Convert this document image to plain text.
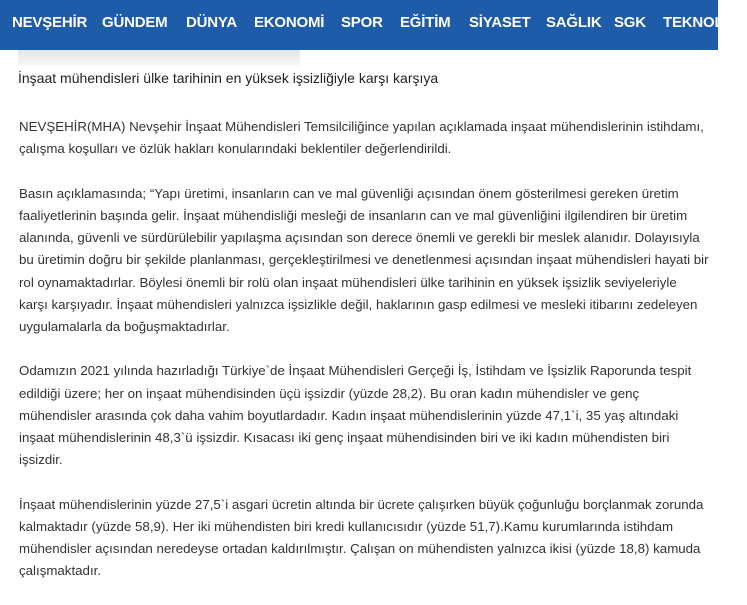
NEVŞEHİR GÜNDEM DÜNYA EKONOMİ SPOR EĞİTİM SİYASET SAĞLIK SGK TEKNOLOJİ
İnşaat mühendisleri ülke tarihinin en yüksek işsizliğiyle karşı karşıya

NEVŞEHİR(MHA) Nevşehir İnşaat Mühendisleri Temsilciliğince yapılan açıklamada inşaat mühendislerinin istihdamı, çalışma koşulları ve özlük hakları konularındaki beklentiler değerlendirildi.

Basın açıklamasında; “Yapı üretimi, insanların can ve mal güvenliği açısından önem gösterilmesi gereken üretim faaliyetlerinin başında gelir. İnşaat mühendisliği mesleği de insanların can ve mal güvenliğini ilgilendiren bir üretim alanında, güvenli ve sürdürülebilir yapılaşma açısından son derece önemli ve gerekli bir meslek alanıdır. Dolayısıyla bu üretimin doğru bir şekilde planlanması, gerçekleştirilmesi ve denetlenmesi açısından inşaat mühendisleri hayati bir rol oynamaktadırlar. Böylesi önemli bir rolü olan inşaat mühendisleri ülke tarihinin en yüksek işsizlik seviyeleriyle karşı karşıyadır. İnşaat mühendisleri yalnızca işsizlikle değil, haklarının gasp edilmesi ve mesleki itibarını zedeleyen uygulamalarla da boğuşmaktadırlar.

Odamızın 2021 yılında hazırladığı Türkiye`de İnşaat Mühendisleri Gerçeği İş, İstihdam ve İşsizlik Raporunda tespit edildiği üzere; her on inşaat mühendisinden üçü işsizdir (yüzde 28,2). Bu oran kadın mühendisler ve genç mühendisler arasında çok daha vahim boyutlardadır. Kadın inşaat mühendislerinin yüzde 47,1`i, 35 yaş altındaki inşaat mühendislerinin 48,3`ü işsizdir. Kısacası iki genç inşaat mühendisinden biri ve iki kadın mühendisten biri işsizdir.

İnşaat mühendislerinin yüzde 27,5`i asgari ücretin altında bir ücrete çalışırken büyük çoğunluğu borçlanmak zorunda kalmaktadır (yüzde 58,9). Her iki mühendisten biri kredi kullanıcısıdır (yüzde 51,7).Kamu kurumlarında istihdam mühendisler açısından neredeyse ortadan kaldırılmıştır. Çalışan on mühendisten yalnızca ikisi (yüzde 18,8) kamuda çalışmaktadır.
